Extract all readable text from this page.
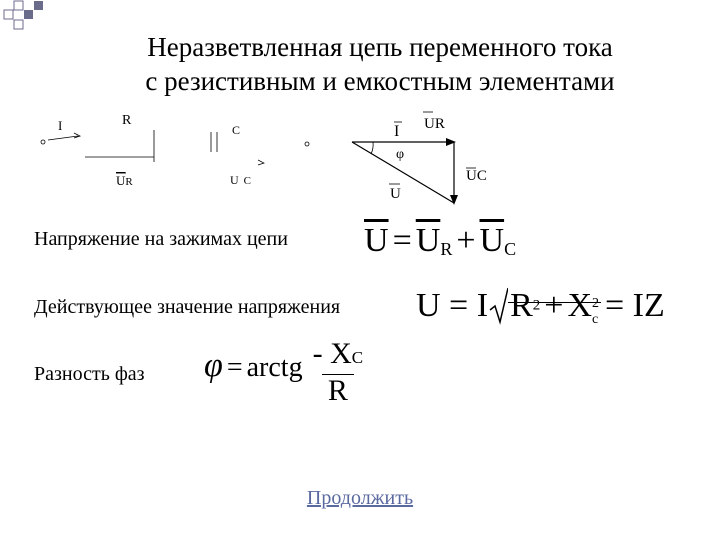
Неразветвленная цепь переменного тока
с резистивным и емкостным элементами
I	R
UR
C
U C
I
φ
UR
UC
U
Напряжение на зажимах цепи $\overline{U} = \overline{U}R + \overline{U}C$
Действующее значение напряжения U = I $R^2 + X$ 2
c = IZ
Разность фаз φ = arctg $\frac{- XC}{R}$
Продолжить
